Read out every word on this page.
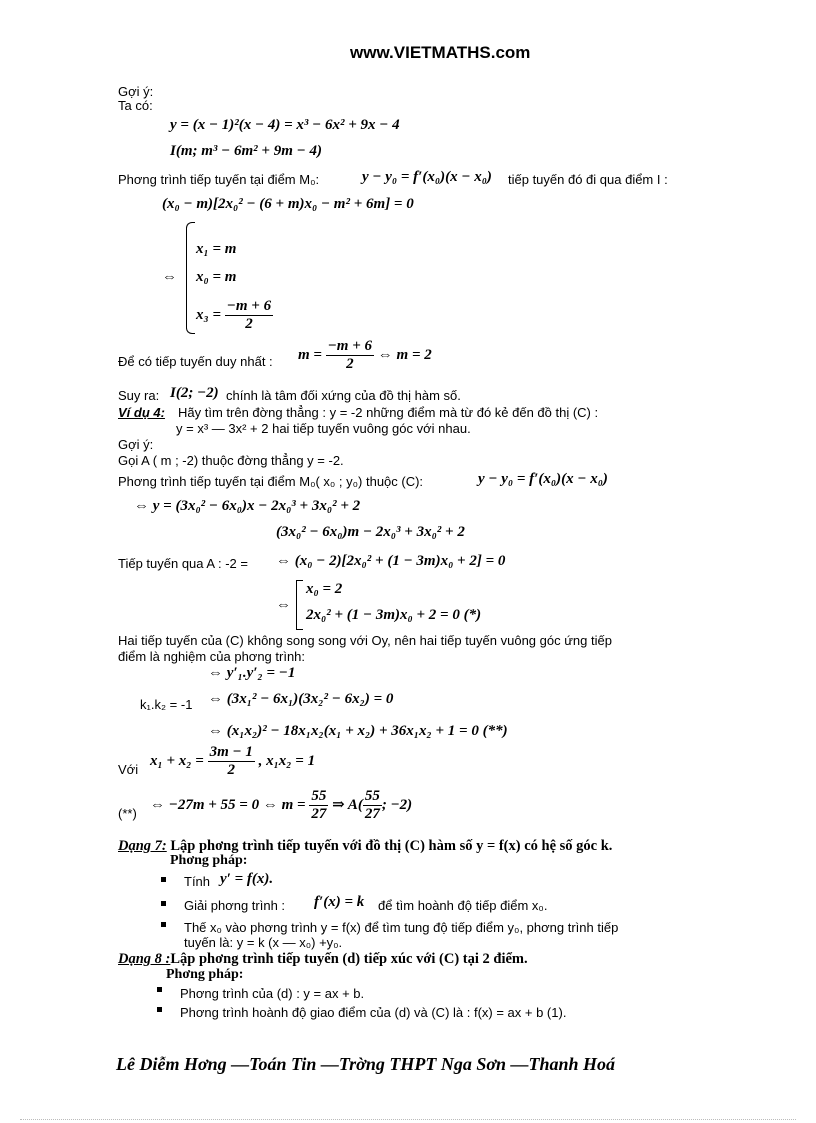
www.VIETMATHS.com
Gợi ý:
Ta có:
y = (x − 1)²(x − 4) = x³ − 6x² + 9x − 4
I(m; m³ − 6m² + 9m − 4)
Phơng trình tiếp tuyến tại điểm M₀:	y − y₀ = f′(x₀)(x − x₀) tiếp tuyến đó đi qua điểm I :
(x₀ − m)[2x₀² − (6 + m)x₀ − m² + 6m] = 0
⇔
x₁ = m
x₀ = m
$x_3 = \frac{-m + 6}{2}$
Để có tiếp tuyến duy nhất : $m = \frac{-m + 6}{2}$ ⇔ m = 2
Suy ra: I(2; −2) chính là tâm đối xứng của đồ thị hàm số.
Ví dụ 4: Hãy tìm trên đờng thẳng : y = -2 những điểm mà từ đó kẻ đến đồ thị (C) :
y = x³ — 3x² + 2 hai tiếp tuyến vuông góc với nhau.
Gợi ý:
Gọi A ( m ; -2) thuộc đờng thẳng y = -2.
Phơng trình tiếp tuyến tại điểm M₀( x₀ ; y₀) thuộc (C):	y − y₀ = f′(x₀)(x − x₀)
⇔ y = (3x₀² − 6x₀)x − 2x₀³ + 3x₀² + 2
(3x₀² − 6x₀)m − 2x₀³ + 3x₀² + 2
Tiếp tuyến qua A : -2 = ⇔ (x₀ − 2)[2x₀² + (1 − 3m)x₀ + 2] = 0
⇔
x₀ = 2
2x₀² + (1 − 3m)x₀ + 2 = 0 (*)
Hai tiếp tuyến của (C) không song song với Oy, nên hai tiếp tuyến vuông góc ứng tiếp
điểm là nghiệm của phơng trình:
⇔ y′₁.y′₂ = −1
k₁.k₂ = -1 ⇔ (3x₁² − 6x₁)(3x₂² − 6x₂) = 0
⇔ (x₁x₂)² − 18x₁x₂(x₁ + x₂) + 36x₁x₂ + 1 = 0 (**)
Với
$x_1 + x_2 = \frac{3m - 1}{2}$ , x₁x₂ = 1
(**)
⇔ −27m + 55 = 0 ⇔ $m = \frac{55}{27}$ ⇒ $A( \frac{55}{27}$ ; −2)
Dạng 7: Lập phơng trình tiếp tuyến với đồ thị (C) hàm số y = f(x) có hệ số góc k.
Phơng pháp:
Tính y′ = f(x).
Giải phơng trình : f′(x) = k để tìm hoành độ tiếp điểm x₀.
Thế x₀ vào phơng trình y = f(x) để tìm tung độ tiếp điểm y₀, phơng trình tiếp
tuyến là: y = k (x — x₀) +y₀.
Dạng 8 :Lập phơng trình tiếp tuyến (d) tiếp xúc với (C) tại 2 điểm.
Phơng pháp:
Phơng trình của (d) : y = ax + b.
Phơng trình hoành độ giao điểm của (d) và (C) là : f(x) = ax + b (1).
Lê Diễm Hơng —Toán Tin —Trờng THPT Nga Sơn —Thanh Hoá
